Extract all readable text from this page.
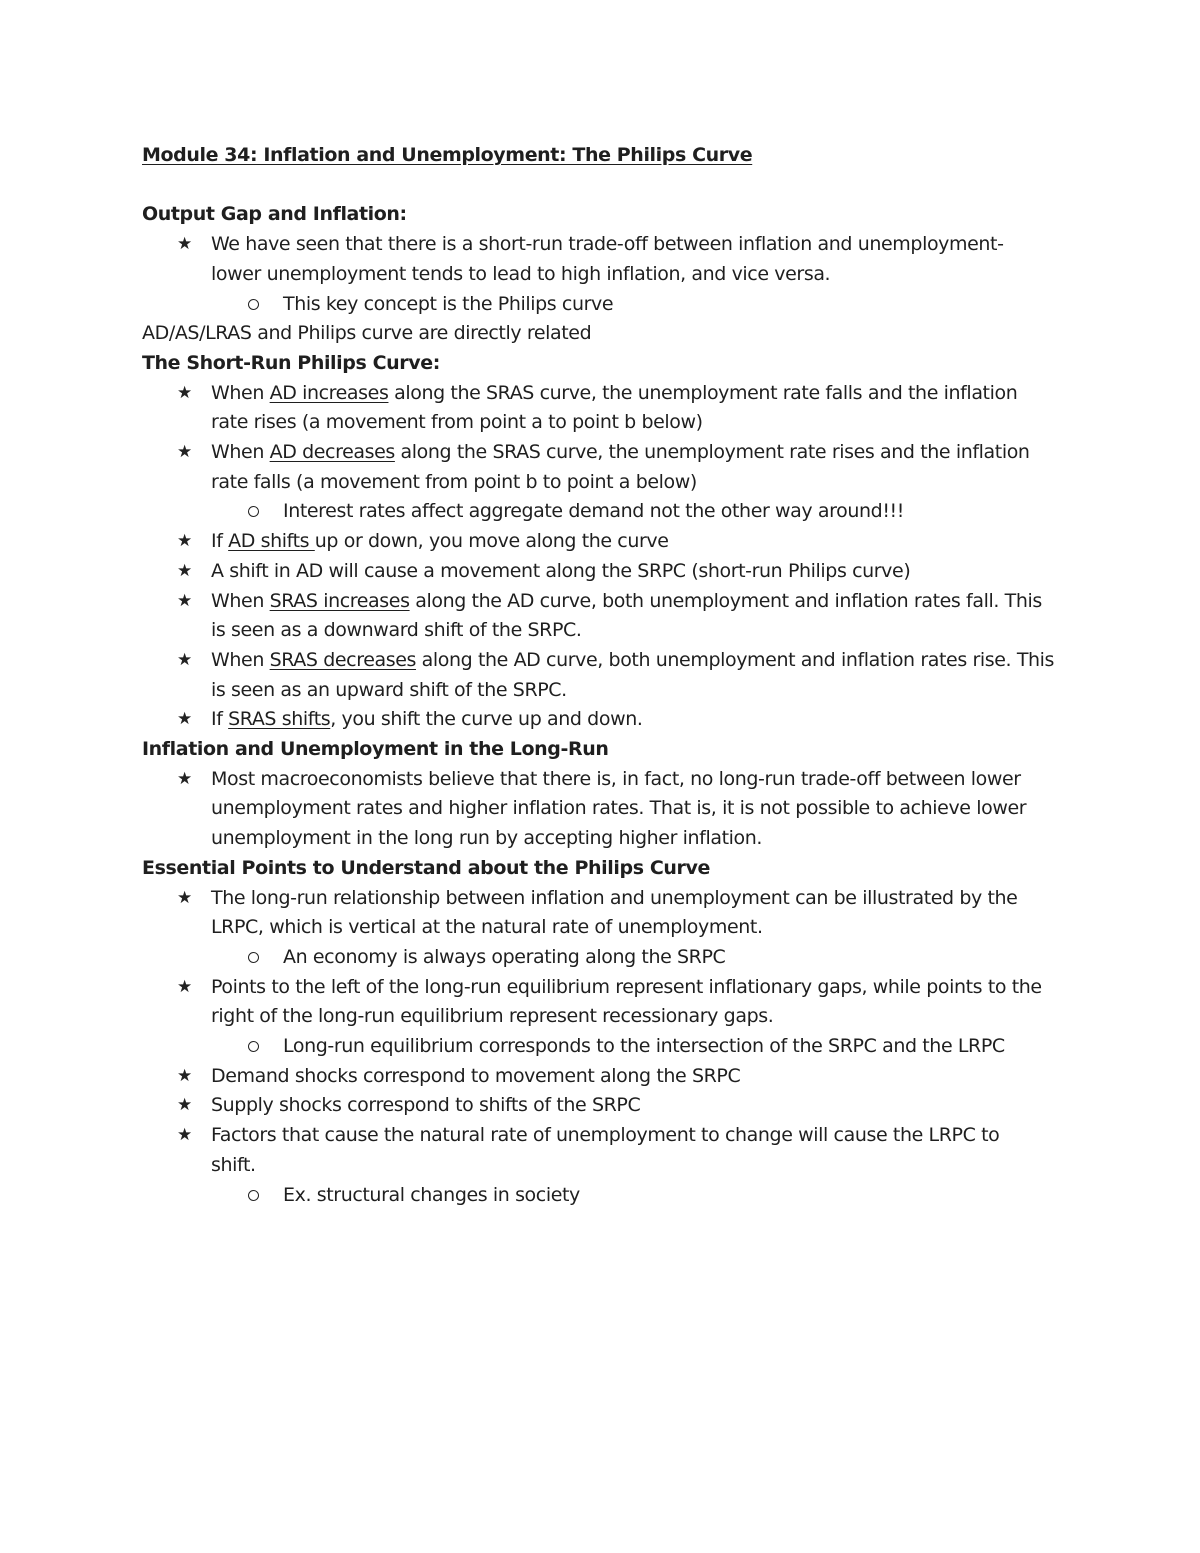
Module 34: Inflation and Unemployment: The Philips Curve
Output Gap and Inflation:
★ We have seen that there is a short-run trade-off between inflation and unemployment-
lower unemployment tends to lead to high inflation, and vice versa.
This key concept is the Philips curve
AD/AS/LRAS and Philips curve are directly related
The Short-Run Philips Curve:
★ When AD increases along the SRAS curve, the unemployment rate falls and the inflation
rate rises (a movement from point a to point b below)
★ When AD decreases along the SRAS curve, the unemployment rate rises and the inflation
rate falls (a movement from point b to point a below)
Interest rates affect aggregate demand not the other way around!!!
★ If AD shifts up or down, you move along the curve
★ A shift in AD will cause a movement along the SRPC (short-run Philips curve)
★ When SRAS increases along the AD curve, both unemployment and inflation rates fall. This
is seen as a downward shift of the SRPC.
★ When SRAS decreases along the AD curve, both unemployment and inflation rates rise. This
is seen as an upward shift of the SRPC.
★ If SRAS shifts, you shift the curve up and down.
Inflation and Unemployment in the Long-Run
★ Most macroeconomists believe that there is, in fact, no long-run trade-off between lower
unemployment rates and higher inflation rates. That is, it is not possible to achieve lower
unemployment in the long run by accepting higher inflation.
Essential Points to Understand about the Philips Curve
★ The long-run relationship between inflation and unemployment can be illustrated by the
LRPC, which is vertical at the natural rate of unemployment.
An economy is always operating along the SRPC
★ Points to the left of the long-run equilibrium represent inflationary gaps, while points to the
right of the long-run equilibrium represent recessionary gaps.
Long-run equilibrium corresponds to the intersection of the SRPC and the LRPC
★ Demand shocks correspond to movement along the SRPC
★ Supply shocks correspond to shifts of the SRPC
★ Factors that cause the natural rate of unemployment to change will cause the LRPC to
shift.
Ex. structural changes in society
